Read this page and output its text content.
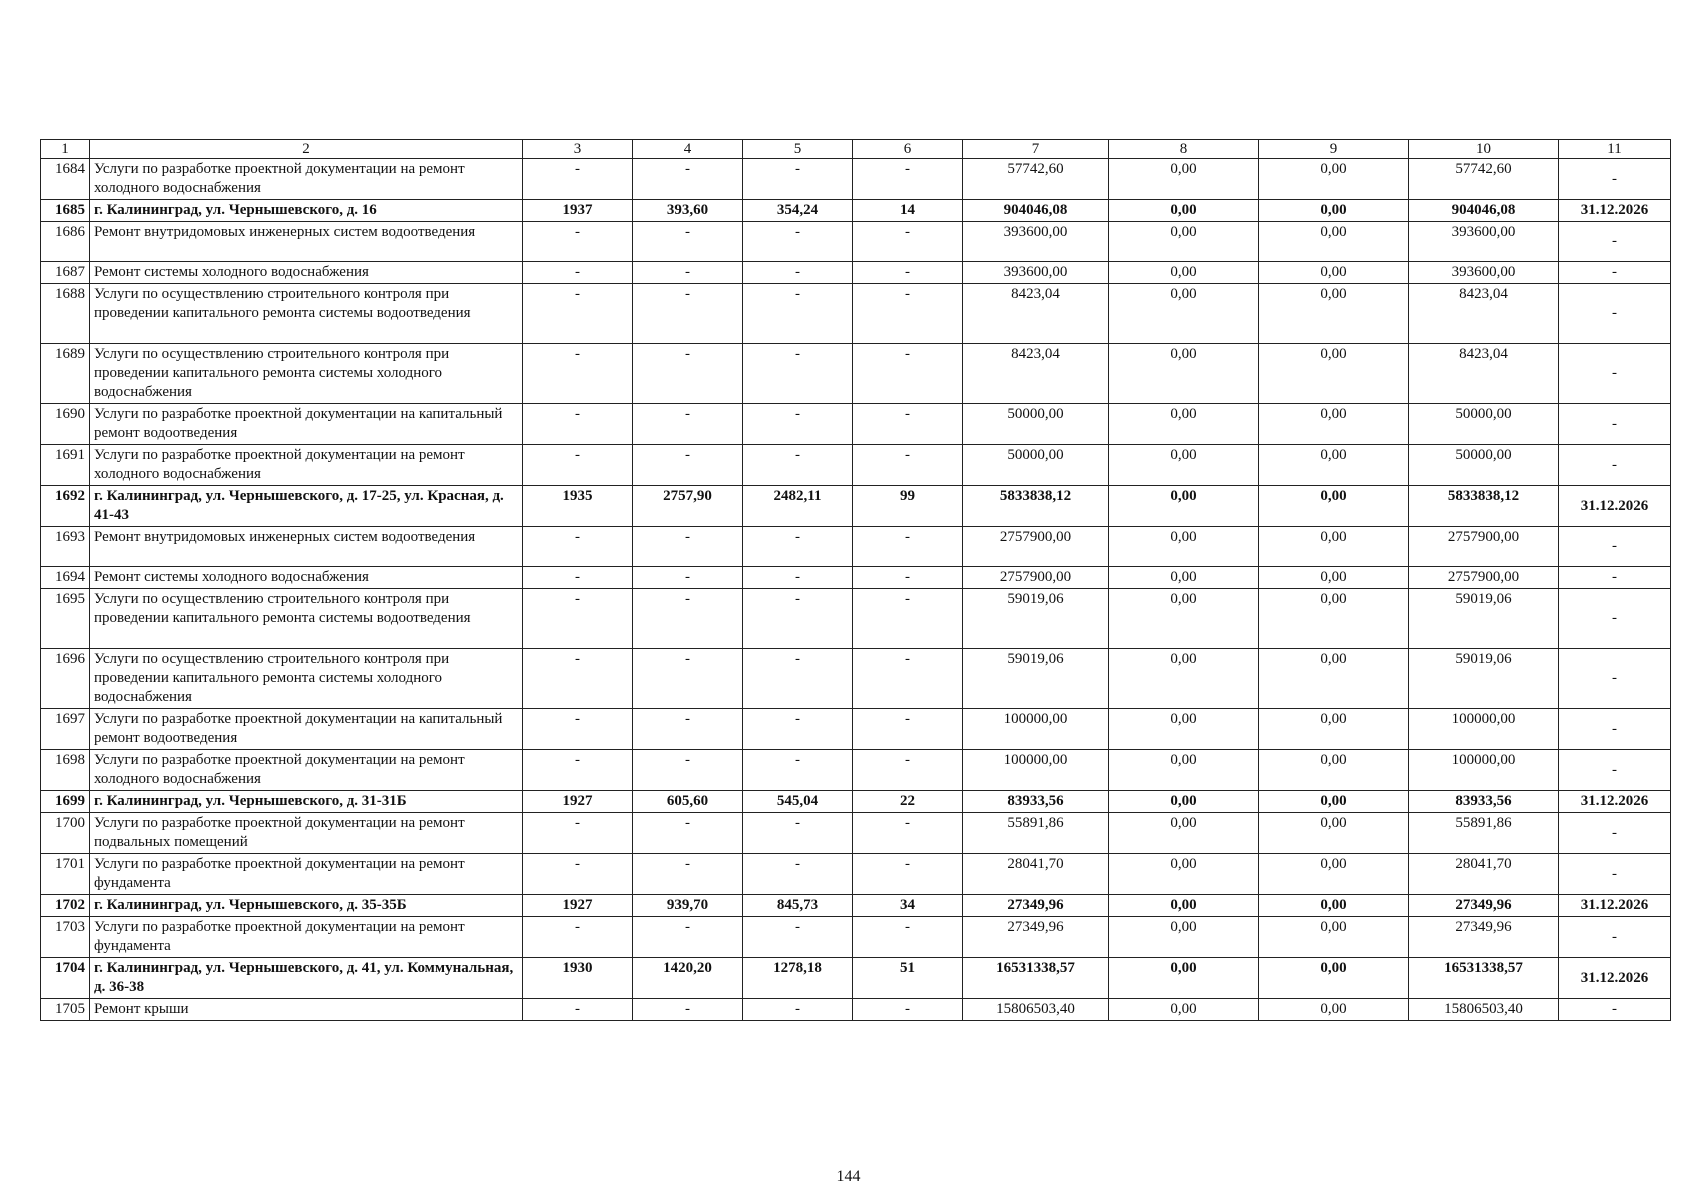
1	2	3	4	5	6	7	8	9	10	11
1684	Услуги по разработке проектной документации на ремонт холодного водоснабжения	-	-	-	-	57742,60	0,00	0,00	57742,60	-
1685	г. Калининград, ул. Чернышевского, д. 16	1937	393,60	354,24	14	904046,08	0,00	0,00	904046,08	31.12.2026
1686	Ремонт внутридомовых инженерных систем водоотведения	-	-	-	-	393600,00	0,00	0,00	393600,00	-
1687	Ремонт системы холодного водоснабжения	-	-	-	-	393600,00	0,00	0,00	393600,00	-
1688	Услуги по осуществлению строительного контроля при проведении капитального ремонта системы водоотведения	-	-	-	-	8423,04	0,00	0,00	8423,04	-
1689	Услуги по осуществлению строительного контроля при проведении капитального ремонта системы холодного водоснабжения	-	-	-	-	8423,04	0,00	0,00	8423,04	-
1690	Услуги по разработке проектной документации на капитальный ремонт водоотведения	-	-	-	-	50000,00	0,00	0,00	50000,00	-
1691	Услуги по разработке проектной документации на ремонт холодного водоснабжения	-	-	-	-	50000,00	0,00	0,00	50000,00	-
1692	г. Калининград, ул. Чернышевского, д. 17-25, ул. Красная, д. 41-43	1935	2757,90	2482,11	99	5833838,12	0,00	0,00	5833838,12	31.12.2026
1693	Ремонт внутридомовых инженерных систем водоотведения	-	-	-	-	2757900,00	0,00	0,00	2757900,00	-
1694	Ремонт системы холодного водоснабжения	-	-	-	-	2757900,00	0,00	0,00	2757900,00	-
1695	Услуги по осуществлению строительного контроля при проведении капитального ремонта системы водоотведения	-	-	-	-	59019,06	0,00	0,00	59019,06	-
1696	Услуги по осуществлению строительного контроля при проведении капитального ремонта системы холодного водоснабжения	-	-	-	-	59019,06	0,00	0,00	59019,06	-
1697	Услуги по разработке проектной документации на капитальный ремонт водоотведения	-	-	-	-	100000,00	0,00	0,00	100000,00	-
1698	Услуги по разработке проектной документации на ремонт холодного водоснабжения	-	-	-	-	100000,00	0,00	0,00	100000,00	-
1699	г. Калининград, ул. Чернышевского, д. 31-31Б	1927	605,60	545,04	22	83933,56	0,00	0,00	83933,56	31.12.2026
1700	Услуги по разработке проектной документации на ремонт подвальных помещений	-	-	-	-	55891,86	0,00	0,00	55891,86	-
1701	Услуги по разработке проектной документации на ремонт фундамента	-	-	-	-	28041,70	0,00	0,00	28041,70	-
1702	г. Калининград, ул. Чернышевского, д. 35-35Б	1927	939,70	845,73	34	27349,96	0,00	0,00	27349,96	31.12.2026
1703	Услуги по разработке проектной документации на ремонт фундамента	-	-	-	-	27349,96	0,00	0,00	27349,96	-
1704	г. Калининград, ул. Чернышевского, д. 41, ул. Коммунальная, д. 36-38	1930	1420,20	1278,18	51	16531338,57	0,00	0,00	16531338,57	31.12.2026
1705	Ремонт крыши	-	-	-	-	15806503,40	0,00	0,00	15806503,40	-
144
